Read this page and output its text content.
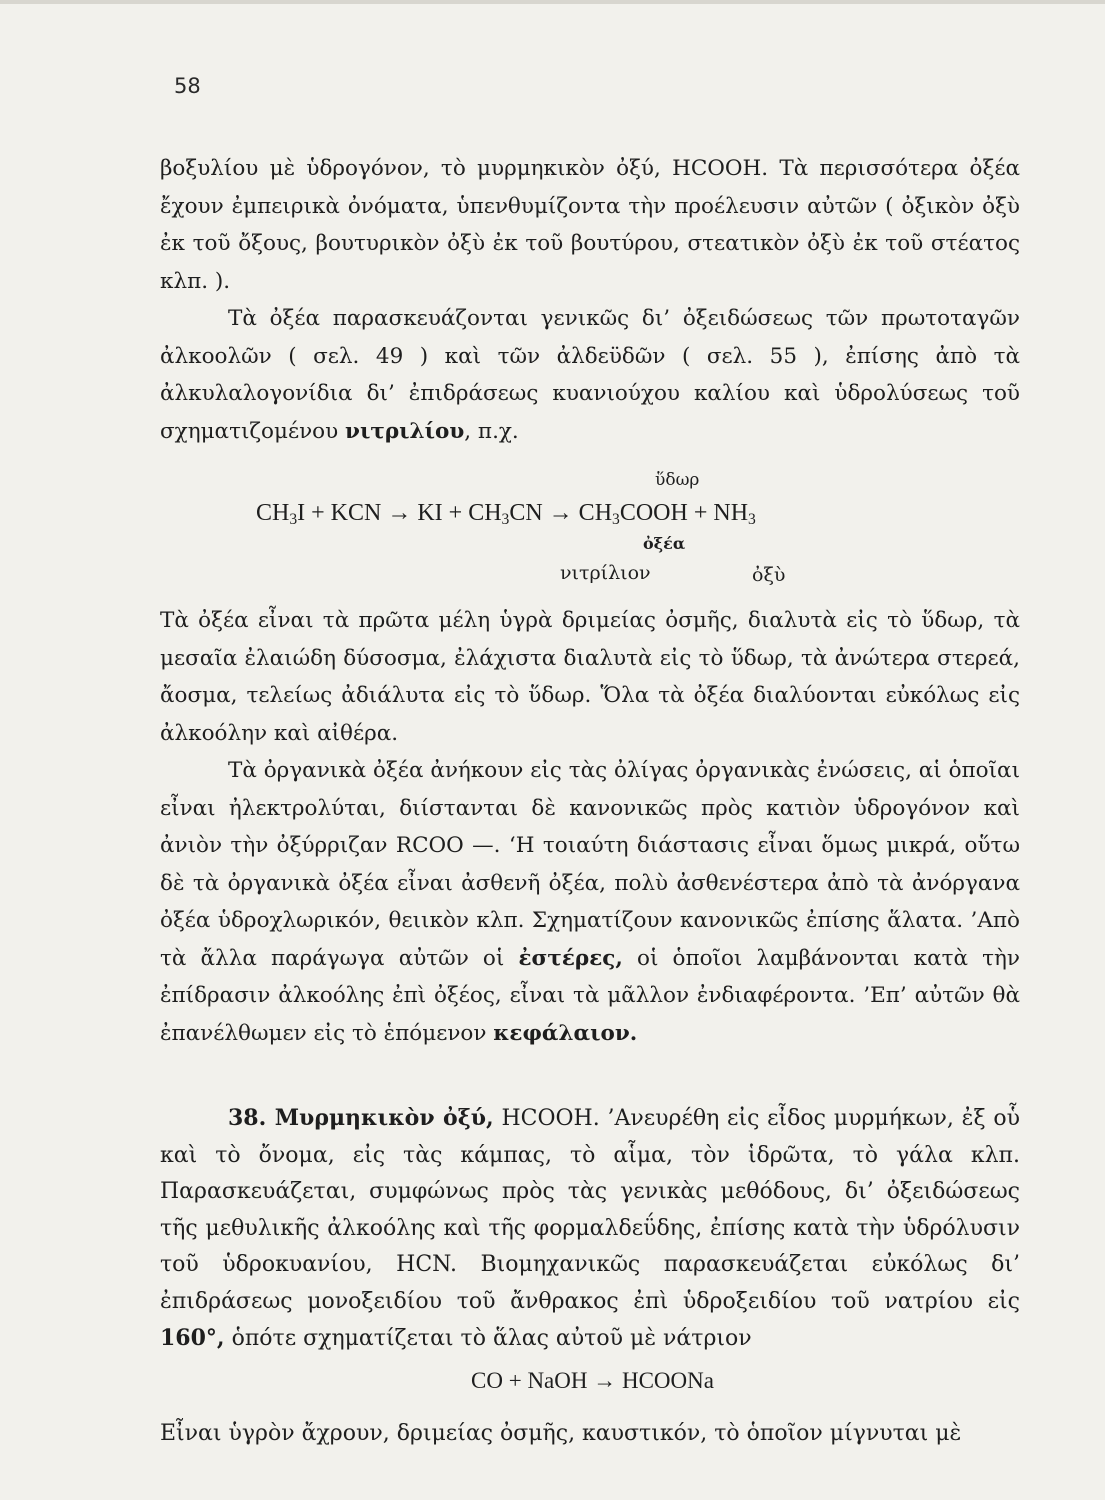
58

βοξυλίου μὲ ὑδρογόνον, τὸ μυρμηκικὸν ὀξύ, HCOOH. Τὰ περισσότερα ὀξέα ἔχουν ἐμπειρικὰ ὀνόματα, ὑπενθυμίζοντα τὴν προέλευσιν αὐτῶν ( ὀξικὸν ὀξὺ ἐκ τοῦ ὄξους, βουτυρικὸν ὀξὺ ἐκ τοῦ βουτύρου, στεατικὸν ὀξὺ ἐκ τοῦ στέατος κλπ. ).

Τὰ ὀξέα παρασκευάζονται γενικῶς δι’ ὀξειδώσεως τῶν πρωτοταγῶν ἀλκοολῶν ( σελ. 49 ) καὶ τῶν ἀλδεϋδῶν ( σελ. 55 ), ἐπίσης ἀπὸ τὰ ἀλκυλαλογονίδια δι’ ἐπιδράσεως κυανιούχου καλίου καὶ ὑδρολύσεως τοῦ σχηματιζομένου νιτριλίου, π.χ.

ὕδωρ
$CH_3I$ + KCN → KI + $CH_3CN$ → $CH_3COOH + NH_3$
ὀξέα
νιτρίλιον	ὀξὺ

Τὰ ὀξέα εἶναι τὰ πρῶτα μέλη ὑγρὰ δριμείας ὀσμῆς, διαλυτὰ εἰς τὸ ὕδωρ, τὰ μεσαῖα ἐλαιώδη δύσοσμα, ἐλάχιστα διαλυτὰ εἰς τὸ ὕδωρ, τὰ ἀνώτερα στερεά, ἄοσμα, τελείως ἀδιάλυτα εἰς τὸ ὕδωρ. Ὅλα τὰ ὀξέα διαλύονται εὐκόλως εἰς ἀλκοόλην καὶ αἰθέρα.

Τὰ ὀργανικὰ ὀξέα ἀνήκουν εἰς τὰς ὀλίγας ὀργανικὰς ἐνώσεις, αἱ ὁποῖαι εἶναι ἠλεκτρολύται, διίστανται δὲ κανονικῶς πρὸς κατιὸν ὑδρογόνον καὶ ἀνιὸν τὴν ὀξύρριζαν RCOO —. ‘Η τοιαύτη διάστασις εἶναι ὅμως μικρά, οὕτω δὲ τὰ ὀργανικὰ ὀξέα εἶναι ἀσθενῆ ὀξέα, πολὺ ἀσθενέστερα ἀπὸ τὰ ἀνόργανα ὀξέα ὑδροχλωρικόν, θειικὸν κλπ. Σχηματίζουν κανονικῶς ἐπίσης ἅλατα. ’Απὸ τὰ ἄλλα παράγωγα αὐτῶν οἱ ἐστέρες, οἱ ὁποῖοι λαμβάνονται κατὰ τὴν ἐπίδρασιν ἀλκοόλης ἐπὶ ὀξέος, εἶναι τὰ μᾶλλον ἐνδιαφέροντα. ’Επ’ αὐτῶν θὰ ἐπανέλθωμεν εἰς τὸ ἑπόμενον κεφάλαιον.

38. Μυρμηκικὸν ὀξύ, HCOOH. ’Ανευρέθη εἰς εἶδος μυρμήκων, ἐξ οὗ καὶ τὸ ὄνομα, εἰς τὰς κάμπας, τὸ αἷμα, τὸν ἱδρῶτα, τὸ γάλα κλπ. Παρασκευάζεται, συμφώνως πρὸς τὰς γενικὰς μεθόδους, δι’ ὀξειδώσεως τῆς μεθυλικῆς ἀλκοόλης καὶ τῆς φορμαλδεΰδης, ἐπίσης κατὰ τὴν ὑδρόλυσιν τοῦ ὑδροκυανίου, HCN. Βιομηχανικῶς παρασκευάζεται εὐκόλως δι’ ἐπιδράσεως μονοξειδίου τοῦ ἄνθρακος ἐπὶ ὑδροξειδίου τοῦ νατρίου εἰς 160°, ὁπότε σχηματίζεται τὸ ἅλας αὐτοῦ μὲ νάτριον

CO + NaOH → HCOONa
Εἶναι ὑγρὸν ἄχρουν, δριμείας ὀσμῆς, καυστικόν, τὸ ὁποῖον μίγνυται μὲ
